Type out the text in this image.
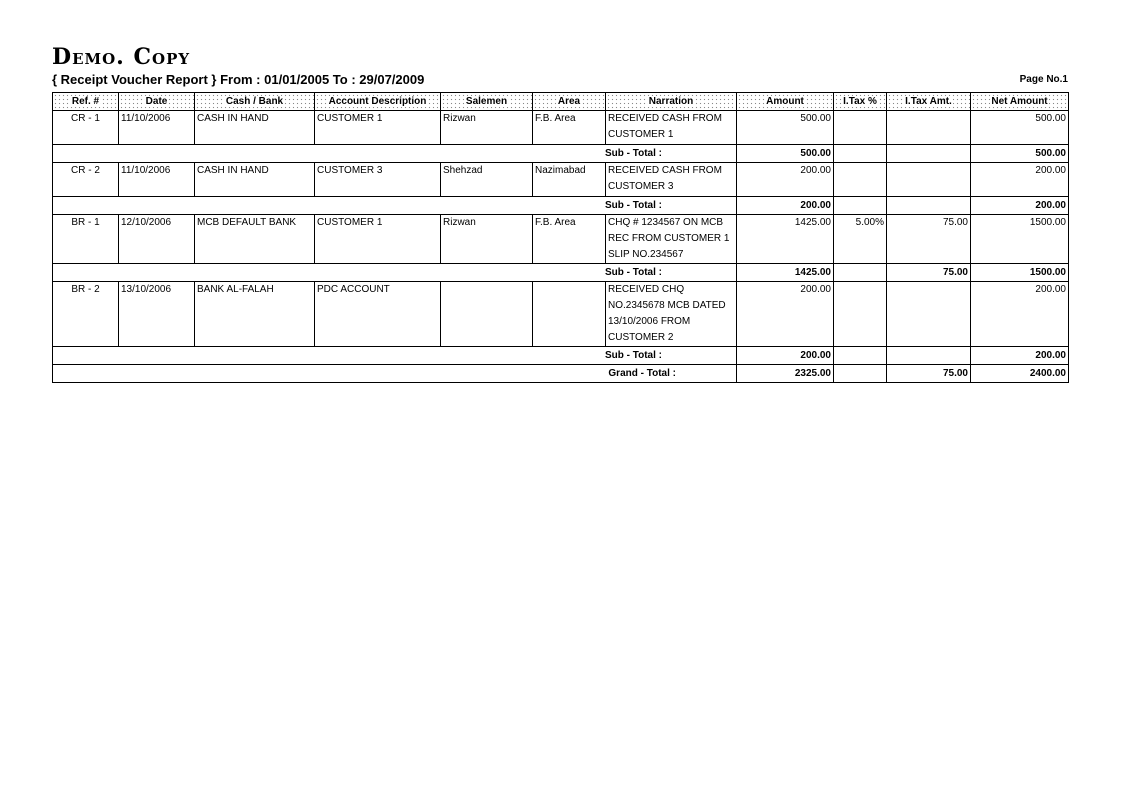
Demo. Copy
{ Receipt Voucher Report } From : 01/01/2005 To : 29/07/2009	Page No.1
Ref. #	Date	Cash / Bank	Account Description	Salemen	Area	Narration	Amount	I.Tax %	I.Tax Amt.	Net Amount
CR - 1	11/10/2006	CASH IN HAND	CUSTOMER 1	Rizwan	F.B. Area	RECEIVED CASH FROM
CUSTOMER 1	500.00			500.00
Sub - Total :							500.00			500.00
CR - 2	11/10/2006	CASH IN HAND	CUSTOMER 3	Shehzad	Nazimabad	RECEIVED CASH FROM
CUSTOMER 3	200.00			200.00
Sub - Total :							200.00			200.00
BR - 1	12/10/2006	MCB DEFAULT BANK	CUSTOMER 1	Rizwan	F.B. Area	CHQ # 1234567 ON MCB
REC FROM CUSTOMER 1
SLIP NO.234567	1425.00	5.00%	75.00	1500.00
Sub - Total :							1425.00		75.00	1500.00
BR - 2	13/10/2006	BANK AL-FALAH	PDC ACCOUNT			RECEIVED CHQ
NO.2345678 MCB DATED
13/10/2006 FROM
CUSTOMER 2	200.00			200.00
Sub - Total :							200.00			200.00
Grand - Total :							2325.00		75.00	2400.00
